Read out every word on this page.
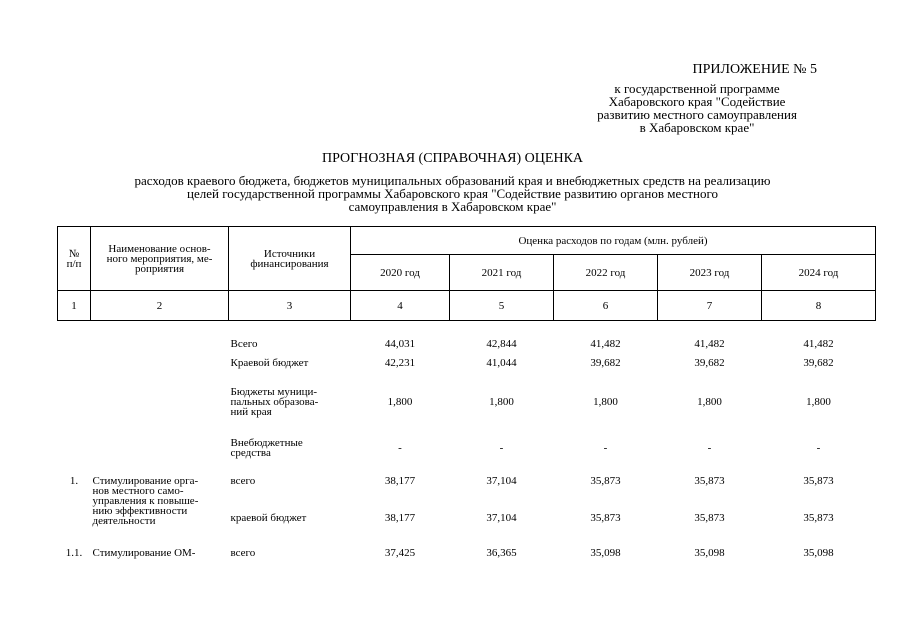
ПРИЛОЖЕНИЕ № 5
к государственной программе
Хабаровского края "Содействие
развитию местного самоуправления
в Хабаровском крае"
ПРОГНОЗНАЯ (СПРАВОЧНАЯ) ОЦЕНКА
расходов краевого бюджета, бюджетов муниципальных образований края и внебюджетных средств на реализацию
целей государственной программы Хабаровского края "Содействие развитию органов местного
самоуправления в Хабаровском крае"
№
п/п	Наименование основ-
ного мероприятия, ме-
роприятия	Источники
финансирования	Оценка расходов по годам (млн. рублей)				
			2020 год	2021 год	2022 год	2023 год	2024 год
1	2	3	4	5	6	7	8
		Всего	44,031	42,844	41,482	41,482	41,482
		Краевой бюджет	42,231	41,044	39,682	39,682	39,682
		Бюджеты муници-
пальных образова-
ний края	1,800	1,800	1,800	1,800	1,800
		Внебюджетные
средства	-	-	-	-	-
1.	Стимулирование орга-
нов местного само-
управления к повыше-
нию эффективности
деятельности	всего	38,177	37,104	35,873	35,873	35,873
		краевой бюджет	38,177	37,104	35,873	35,873	35,873
1.1.	Стимулирование ОМ-	всего	37,425	36,365	35,098	35,098	35,098
